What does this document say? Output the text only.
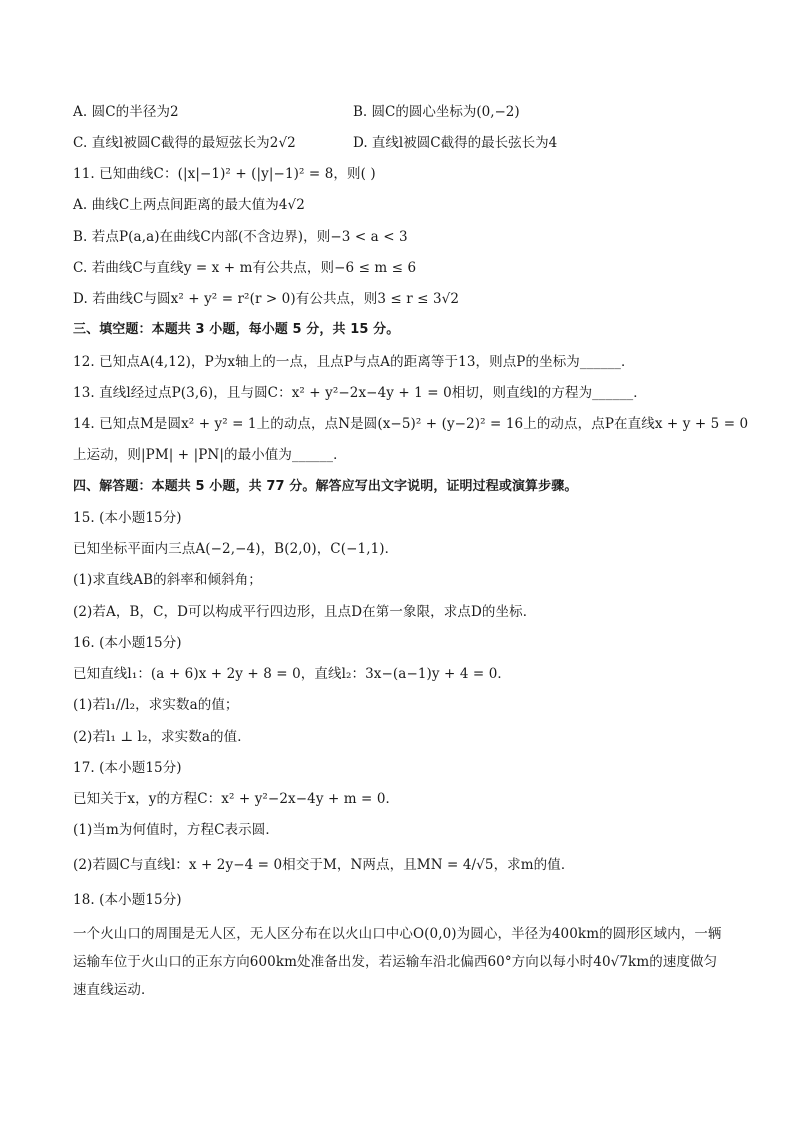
A. 圆C的半径为2	B. 圆C的圆心坐标为(0,−2)
C. 直线l被圆C截得的最短弦长为2√2	D. 直线l被圆C截得的最长弦长为4
11. 已知曲线C：(|x|−1)² + (|y|−1)² = 8，则( )
A. 曲线C上两点间距离的最大值为4√2
B. 若点P(a,a)在曲线C内部(不含边界)，则−3 < a < 3
C. 若曲线C与直线y = x + m有公共点，则−6 ≤ m ≤ 6
D. 若曲线C与圆x² + y² = r²(r > 0)有公共点，则3 ≤ r ≤ 3√2
三、填空题：本题共 3 小题，每小题 5 分，共 15 分。
12. 已知点A(4,12)，P为x轴上的一点，且点P与点A的距离等于13，则点P的坐标为______．
13. 直线l经过点P(3,6)，且与圆C：x² + y²−2x−4y + 1 = 0相切，则直线l的方程为______．
14. 已知点M是圆x² + y² = 1上的动点，点N是圆(x−5)² + (y−2)² = 16上的动点，点P在直线x + y + 5 = 0
上运动，则|PM| + |PN|的最小值为______．
四、解答题：本题共 5 小题，共 77 分。解答应写出文字说明，证明过程或演算步骤。
15. (本小题15分)
已知坐标平面内三点A(−2,−4)，B(2,0)，C(−1,1)．
(1)求直线AB的斜率和倾斜角；
(2)若A，B，C，D可以构成平行四边形，且点D在第一象限，求点D的坐标．
16. (本小题15分)
已知直线l₁：(a + 6)x + 2y + 8 = 0，直线l₂：3x−(a−1)y + 4 = 0．
(1)若l₁//l₂，求实数a的值；
(2)若l₁ ⊥ l₂，求实数a的值．
17. (本小题15分)
已知关于x，y的方程C：x² + y²−2x−4y + m = 0．
(1)当m为何值时，方程C表示圆．
(2)若圆C与直线l：x + 2y−4 = 0相交于M，N两点，且MN = 4/√5，求m的值．
18. (本小题15分)
一个火山口的周围是无人区，无人区分布在以火山口中心O(0,0)为圆心，半径为400km的圆形区域内，一辆运输车位于火山口的正东方向600km处准备出发，若运输车沿北偏西60°方向以每小时40√7km的速度做匀速直线运动．
